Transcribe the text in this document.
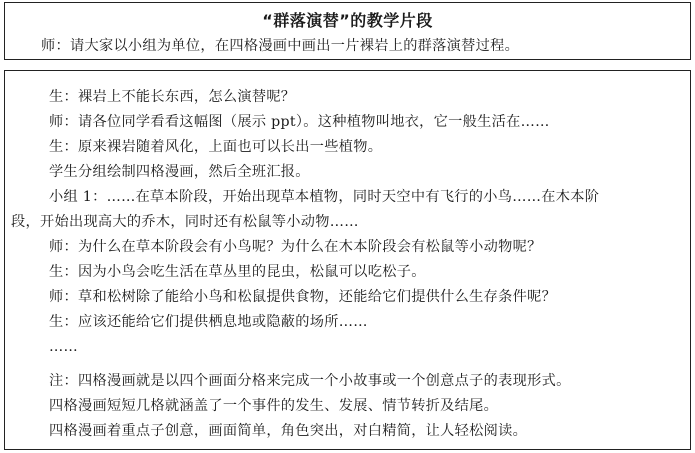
“群落演替”的教学片段
师：请大家以小组为单位，在四格漫画中画出一片裸岩上的群落演替过程。
生：裸岩上不能长东西，怎么演替呢？
师：请各位同学看看这幅图（展示 ppt）。这种植物叫地衣，它一般生活在……
生：原来裸岩随着风化，上面也可以长出一些植物。
学生分组绘制四格漫画，然后全班汇报。
小组 1：……在草本阶段，开始出现草本植物，同时天空中有飞行的小鸟……在木本阶
段，开始出现高大的乔木，同时还有松鼠等小动物……
师：为什么在草本阶段会有小鸟呢？为什么在木本阶段会有松鼠等小动物呢？
生：因为小鸟会吃生活在草丛里的昆虫，松鼠可以吃松子。
师：草和松树除了能给小鸟和松鼠提供食物，还能给它们提供什么生存条件呢？
生：应该还能给它们提供栖息地或隐蔽的场所……
……
注：四格漫画就是以四个画面分格来完成一个小故事或一个创意点子的表现形式。
四格漫画短短几格就涵盖了一个事件的发生、发展、情节转折及结尾。
四格漫画着重点子创意，画面简单，角色突出，对白精简，让人轻松阅读。
